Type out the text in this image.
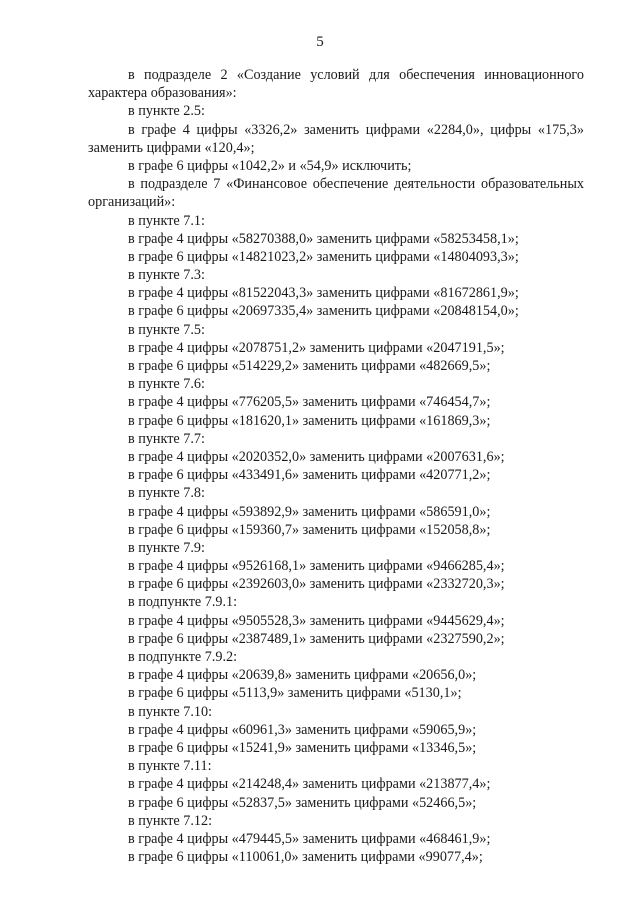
5
в подразделе 2 «Создание условий для обеспечения инновационного
характера образования»:
в пункте 2.5:
в графе 4 цифры «3326,2» заменить цифрами «2284,0», цифры «175,3»
заменить цифрами «120,4»;
в графе 6 цифры «1042,2» и «54,9» исключить;
в подразделе 7 «Финансовое обеспечение деятельности образовательных
организаций»:
в пункте 7.1:
в графе 4 цифры «58270388,0» заменить цифрами «58253458,1»;
в графе 6 цифры «14821023,2» заменить цифрами «14804093,3»;
в пункте 7.3:
в графе 4 цифры «81522043,3» заменить цифрами «81672861,9»;
в графе 6 цифры «20697335,4» заменить цифрами «20848154,0»;
в пункте 7.5:
в графе 4 цифры «2078751,2» заменить цифрами «2047191,5»;
в графе 6 цифры «514229,2» заменить цифрами «482669,5»;
в пункте 7.6:
в графе 4 цифры «776205,5» заменить цифрами «746454,7»;
в графе 6 цифры «181620,1» заменить цифрами «161869,3»;
в пункте 7.7:
в графе 4 цифры «2020352,0» заменить цифрами «2007631,6»;
в графе 6 цифры «433491,6» заменить цифрами «420771,2»;
в пункте 7.8:
в графе 4 цифры «593892,9» заменить цифрами «586591,0»;
в графе 6 цифры «159360,7» заменить цифрами «152058,8»;
в пункте 7.9:
в графе 4 цифры «9526168,1» заменить цифрами «9466285,4»;
в графе 6 цифры «2392603,0» заменить цифрами «2332720,3»;
в подпункте 7.9.1:
в графе 4 цифры «9505528,3» заменить цифрами «9445629,4»;
в графе 6 цифры «2387489,1» заменить цифрами «2327590,2»;
в подпункте 7.9.2:
в графе 4 цифры «20639,8» заменить цифрами «20656,0»;
в графе 6 цифры «5113,9» заменить цифрами «5130,1»;
в пункте 7.10:
в графе 4 цифры «60961,3» заменить цифрами «59065,9»;
в графе 6 цифры «15241,9» заменить цифрами «13346,5»;
в пункте 7.11:
в графе 4 цифры «214248,4» заменить цифрами «213877,4»;
в графе 6 цифры «52837,5» заменить цифрами «52466,5»;
в пункте 7.12:
в графе 4 цифры «479445,5» заменить цифрами «468461,9»;
в графе 6 цифры «110061,0» заменить цифрами «99077,4»;
